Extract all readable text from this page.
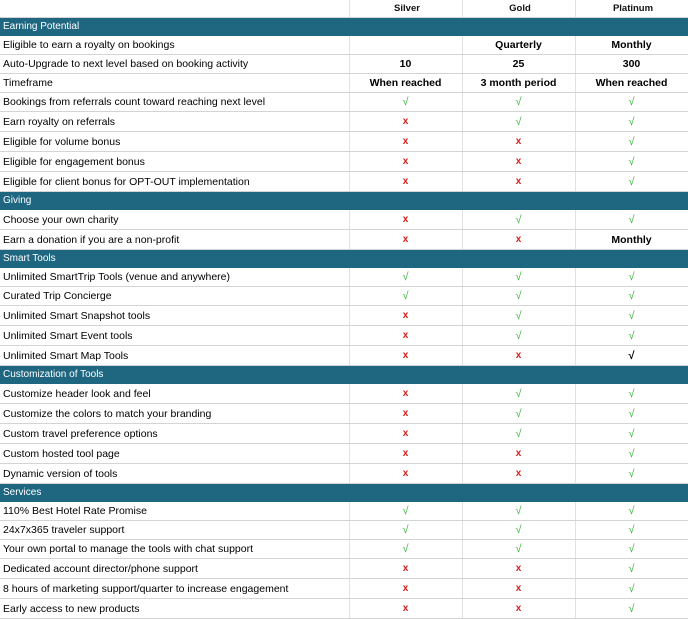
	Silver	Gold	Platinum
Earning Potential			
Eligible to earn a royalty on bookings		Quarterly	Monthly
Auto-Upgrade to next level based on booking activity	10	25	300
Timeframe	When reached	3 month period	When reached
Bookings from referrals count toward reaching next level	√	√	√
Earn royalty on referrals	x	√	√
Eligible for volume bonus	x	x	√
Eligible for engagement bonus	x	x	√
Eligible for client bonus for OPT-OUT implementation	x	x	√
Giving			
Choose your own charity	x	√	√
Earn a donation if you are a non-profit	x	x	Monthly
Smart Tools			
Unlimited SmartTrip Tools (venue and anywhere)	√	√	√
Curated Trip Concierge	√	√	√
Unlimited Smart Snapshot tools	x	√	√
Unlimited Smart Event tools	x	√	√
Unlimited Smart Map Tools	x	x	√
Customization of Tools			
Customize header look and feel	x	√	√
Customize the colors to match your branding	x	√	√
Custom travel preference options	x	√	√
Custom hosted tool page	x	x	√
Dynamic version of tools	x	x	√
Services			
110% Best Hotel Rate Promise	√	√	√
24x7x365 traveler support	√	√	√
Your own portal to manage the tools with chat support	√	√	√
Dedicated account director/phone support	x	x	√
8 hours of marketing support/quarter to increase engagement	x	x	√
Early access to new products	x	x	√
